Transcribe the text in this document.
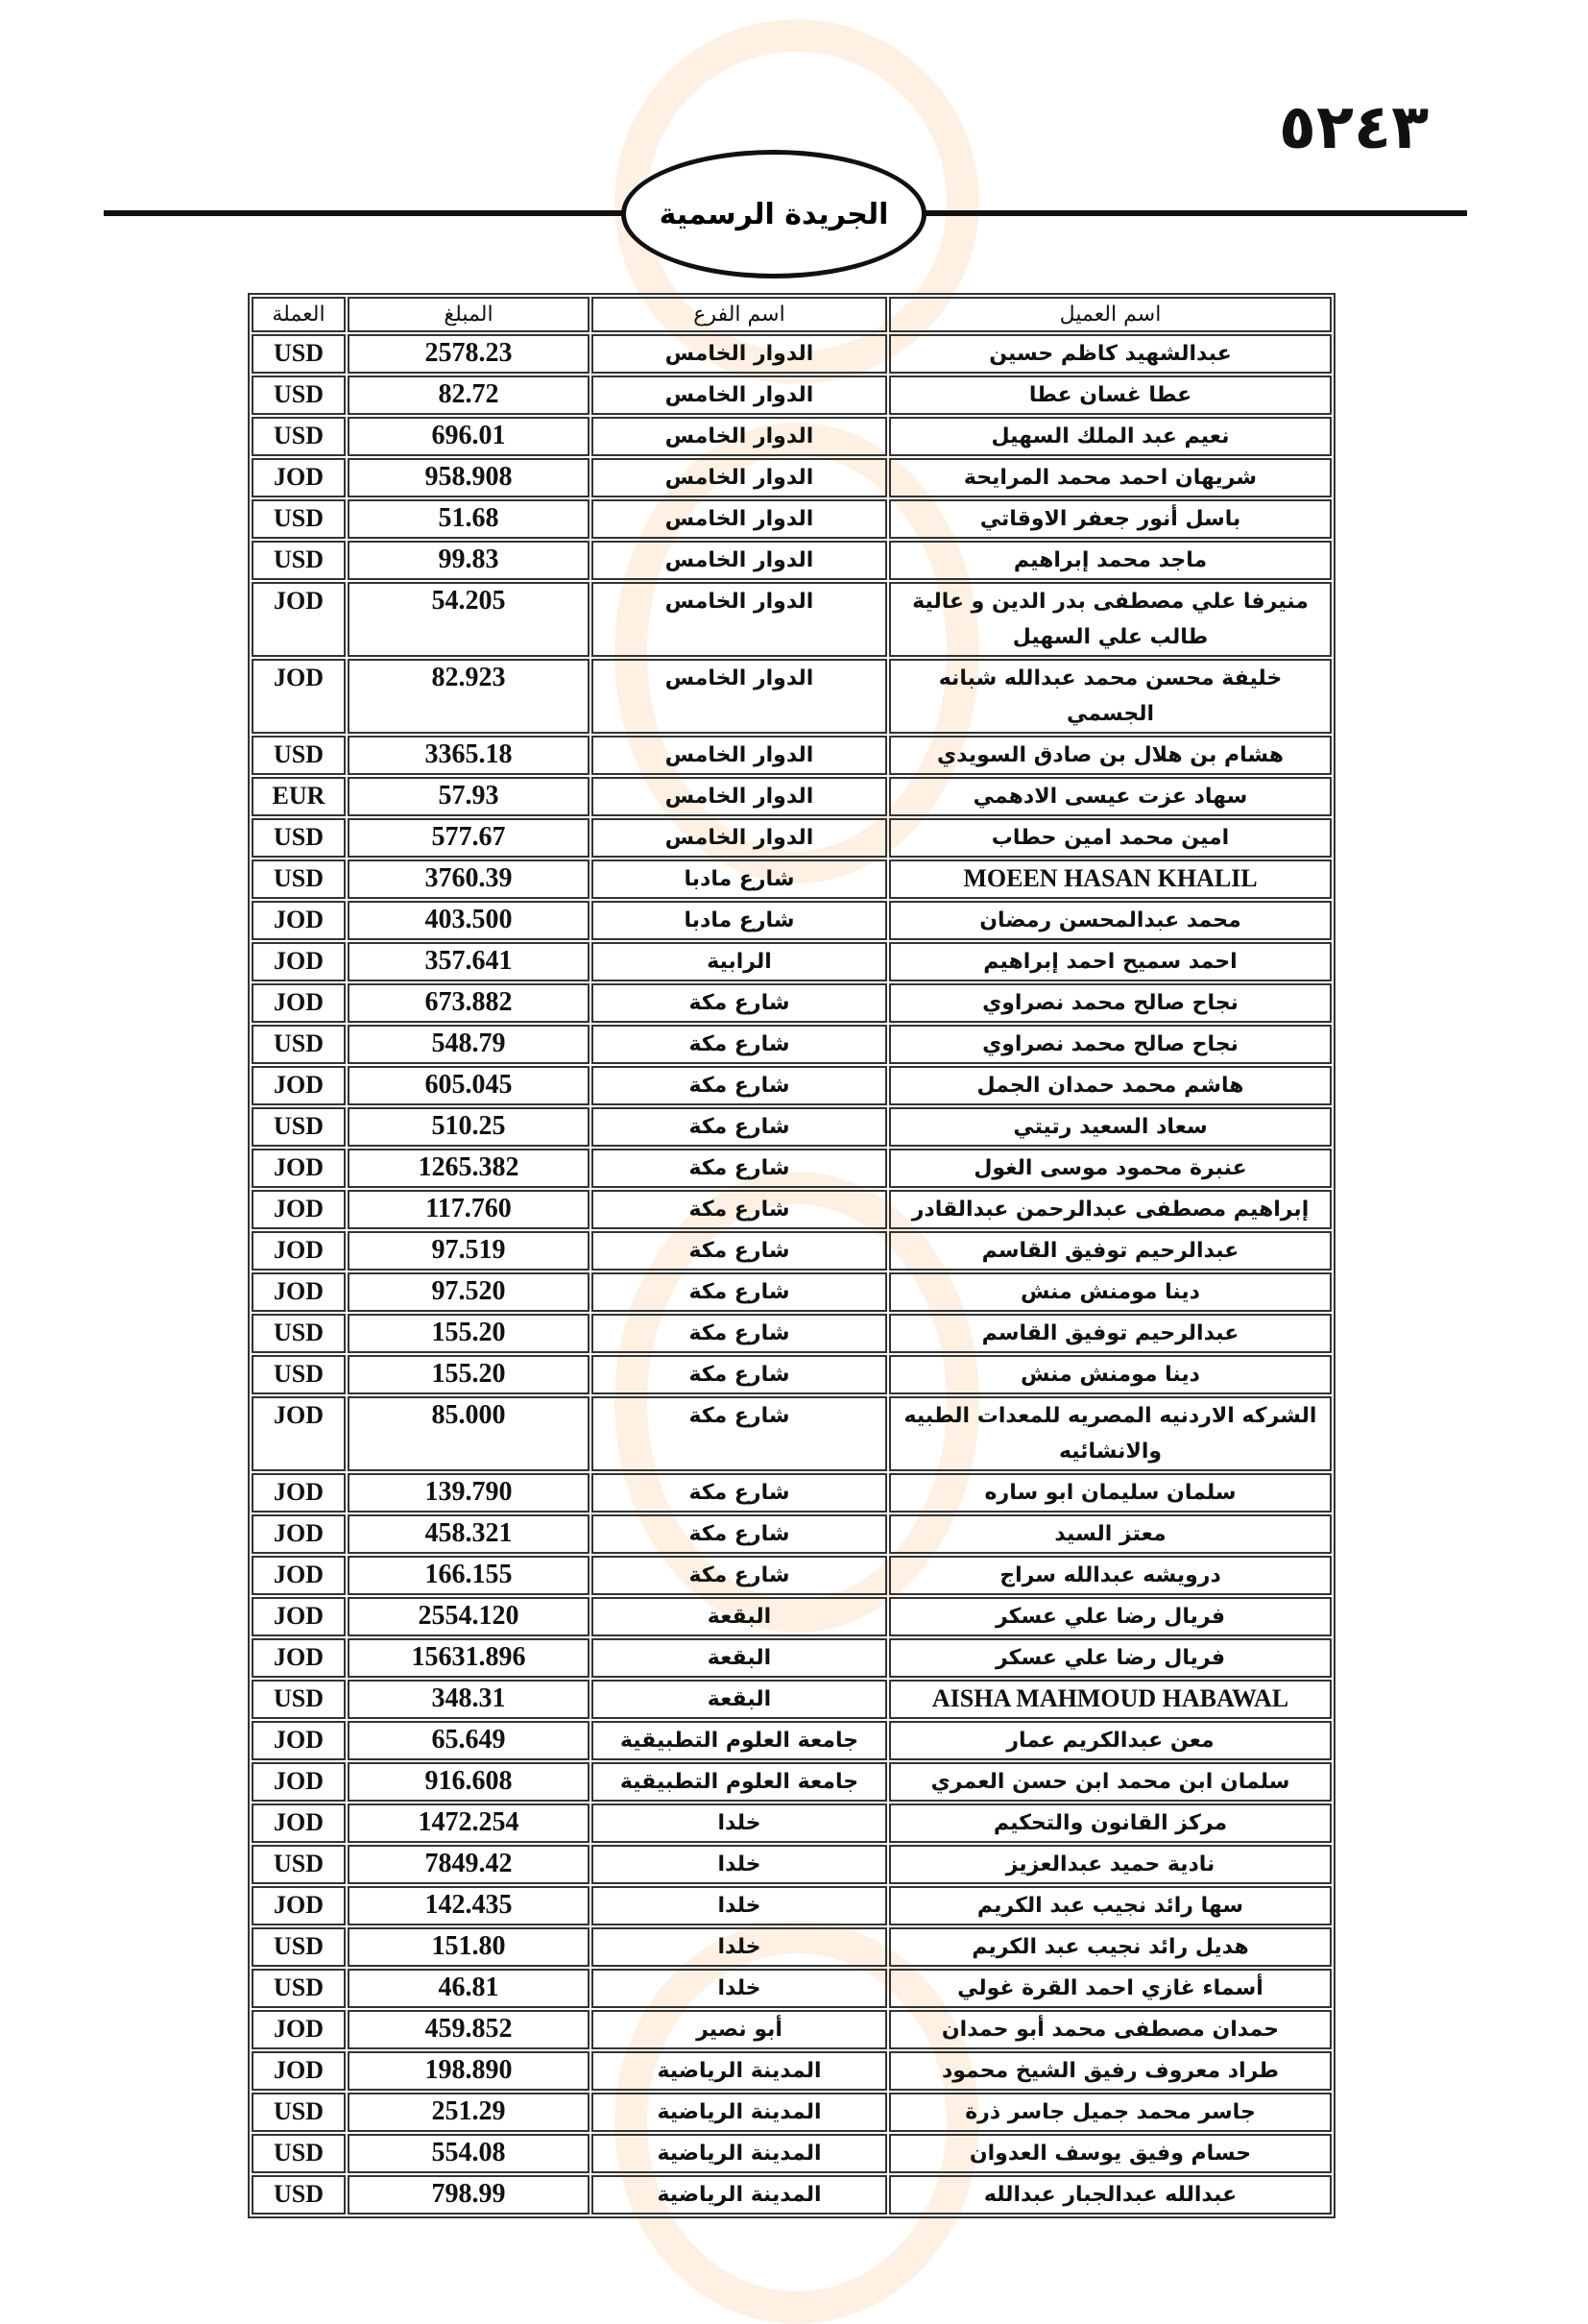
٥٢٤٣
الجريدة الرسمية
اسم العميل	اسم الفرع	المبلغ	العملة
عبدالشهيد كاظم حسين	الدوار الخامس	2578.23	USD
عطا غسان عطا	الدوار الخامس	82.72	USD
نعيم عبد الملك السهيل	الدوار الخامس	696.01	USD
شريهان احمد محمد المرايحة	الدوار الخامس	958.908	JOD
باسل أنور جعفر الاوقاتي	الدوار الخامس	51.68	USD
ماجد محمد إبراهيم	الدوار الخامس	99.83	USD
منيرفا علي مصطفى بدر الدين و عالية طالب علي السهيل	الدوار الخامس	54.205	JOD
خليفة محسن محمد عبدالله شبانه الجسمي	الدوار الخامس	82.923	JOD
هشام بن هلال بن صادق السويدي	الدوار الخامس	3365.18	USD
سهاد عزت عيسى الادهمي	الدوار الخامس	57.93	EUR
امين محمد امين حطاب	الدوار الخامس	577.67	USD
MOEEN HASAN KHALIL	شارع مادبا	3760.39	USD
محمد عبدالمحسن رمضان	شارع مادبا	403.500	JOD
احمد سميح احمد إبراهيم	الرابية	357.641	JOD
نجاح صالح محمد نصراوي	شارع مكة	673.882	JOD
نجاح صالح محمد نصراوي	شارع مكة	548.79	USD
هاشم محمد حمدان الجمل	شارع مكة	605.045	JOD
سعاد السعيد رتيتي	شارع مكة	510.25	USD
عنبرة محمود موسى الغول	شارع مكة	1265.382	JOD
إبراهيم مصطفى عبدالرحمن عبدالقادر	شارع مكة	117.760	JOD
عبدالرحيم توفيق القاسم	شارع مكة	97.519	JOD
دينا مومنش منش	شارع مكة	97.520	JOD
عبدالرحيم توفيق القاسم	شارع مكة	155.20	USD
دينا مومنش منش	شارع مكة	155.20	USD
الشركه الاردنيه المصريه للمعدات الطبيه والانشائيه	شارع مكة	85.000	JOD
سلمان سليمان ابو ساره	شارع مكة	139.790	JOD
معتز السيد	شارع مكة	458.321	JOD
درويشه عبدالله سراج	شارع مكة	166.155	JOD
فريال رضا علي عسكر	البقعة	2554.120	JOD
فريال رضا علي عسكر	البقعة	15631.896	JOD
AISHA MAHMOUD HABAWAL	البقعة	348.31	USD
معن عبدالكريم عمار	جامعة العلوم التطبيقية	65.649	JOD
سلمان ابن محمد ابن حسن العمري	جامعة العلوم التطبيقية	916.608	JOD
مركز القانون والتحكيم	خلدا	1472.254	JOD
نادية حميد عبدالعزيز	خلدا	7849.42	USD
سها رائد نجيب عبد الكريم	خلدا	142.435	JOD
هديل رائد نجيب عبد الكريم	خلدا	151.80	USD
أسماء غازي احمد القرة غولي	خلدا	46.81	USD
حمدان مصطفى محمد أبو حمدان	أبو نصير	459.852	JOD
طراد معروف رفيق الشيخ محمود	المدينة الرياضية	198.890	JOD
جاسر محمد جميل جاسر ذرة	المدينة الرياضية	251.29	USD
حسام وفيق يوسف العدوان	المدينة الرياضية	554.08	USD
عبدالله عبدالجبار عبدالله	المدينة الرياضية	798.99	USD
